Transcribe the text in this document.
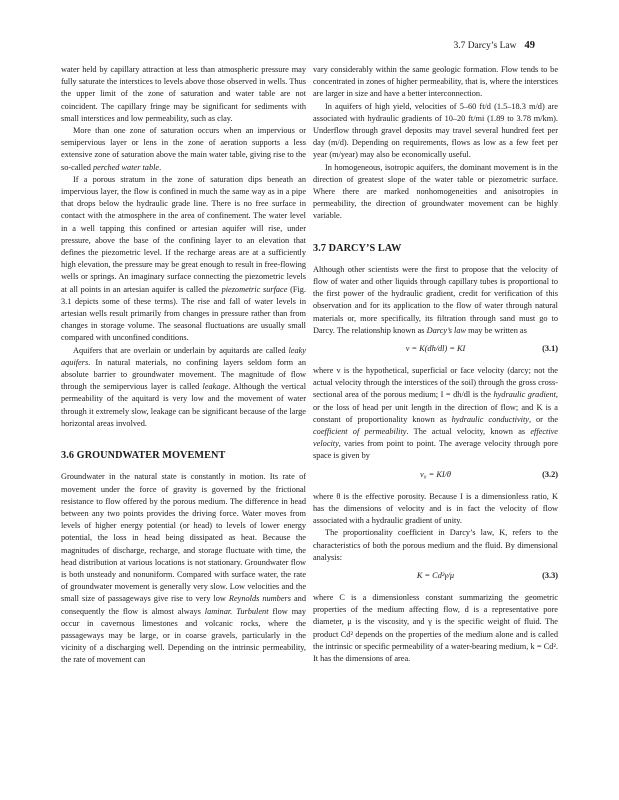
3.7 Darcy’s Law 49

water held by capillary attraction at less than atmospheric pressure may fully saturate the interstices to levels above those observed in wells. Thus the upper limit of the zone of saturation and water table are not coincident. The capillary fringe may be significant for sediments with small interstices and low permeability, such as clay.

More than one zone of saturation occurs when an impervious or semipervious layer or lens in the zone of aeration supports a less extensive zone of saturation above the main water table, giving rise to the so-called perched water table.

If a porous stratum in the zone of saturation dips beneath an impervious layer, the flow is confined in much the same way as in a pipe that drops below the hydraulic grade line. There is no free surface in contact with the atmosphere in the area of confinement. The water level in a well tapping this confined or artesian aquifer will rise, under pressure, above the base of the confining layer to an elevation that defines the piezometric level. If the recharge areas are at a sufficiently high elevation, the pressure may be great enough to result in free-flowing wells or springs. An imaginary surface connecting the piezometric levels at all points in an artesian aquifer is called the piezometric surface (Fig. 3.1 depicts some of these terms). The rise and fall of water levels in artesian wells result primarily from changes in pressure rather than from changes in storage volume. The seasonal fluctuations are usually small compared with unconfined conditions.

Aquifers that are overlain or underlain by aquitards are called leaky aquifers. In natural materials, no confining layers seldom form an absolute barrier to groundwater movement. The magnitude of flow through the semipervious layer is called leakage. Although the vertical permeability of the aquitard is very low and the movement of water through it extremely slow, leakage can be significant because of the large horizontal areas involved.

3.6 GROUNDWATER MOVEMENT

Groundwater in the natural state is constantly in motion. Its rate of movement under the force of gravity is governed by the frictional resistance to flow offered by the porous medium. The difference in head between any two points provides the driving force. Water moves from levels of higher energy potential (or head) to levels of lower energy potential, the loss in head being dissipated as heat. Because the magnitudes of discharge, recharge, and storage fluctuate with time, the head distribution at various locations is not stationary. Groundwater flow is both unsteady and nonuniform. Compared with surface water, the rate of groundwater movement is generally very slow. Low velocities and the small size of passageways give rise to very low Reynolds numbers and consequently the flow is almost always laminar. Turbulent flow may occur in cavernous limestones and volcanic rocks, where the passageways may be large, or in coarse gravels, particularly in the vicinity of a discharging well. Depending on the intrinsic permeability, the rate of movement can

vary considerably within the same geologic formation. Flow tends to be concentrated in zones of higher permeability, that is, where the interstices are larger in size and have a better interconnection.

In aquifers of high yield, velocities of 5–60 ft/d (1.5–18.3 m/d) are associated with hydraulic gradients of 10–20 ft/mi (1.89 to 3.78 m/km). Underflow through gravel deposits may travel several hundred feet per day (m/d). Depending on requirements, flows as low as a few feet per year (m/year) may also be economically useful.

In homogeneous, isotropic aquifers, the dominant movement is in the direction of greatest slope of the water table or piezometric surface. Where there are marked nonhomogeneities and anisotropies in permeability, the direction of groundwater movement can be highly variable.

3.7 DARCY’S LAW

Although other scientists were the first to propose that the velocity of flow of water and other liquids through capillary tubes is proportional to the first power of the hydraulic gradient, credit for verification of this observation and for its application to the flow of water through natural materials or, more specifically, its filtration through sand must go to Darcy. The relationship known as Darcy’s law may be written as

v = K(dh/dl) = KI	(3.1)

where v is the hypothetical, superficial or face velocity (darcy; not the actual velocity through the interstices of the soil) through the gross cross-sectional area of the porous medium; I = dh/dl is the hydraulic gradient, or the loss of head per unit length in the direction of flow; and K is a constant of proportionality known as hydraulic conductivity, or the coefficient of permeability. The actual velocity, known as effective velocity, varies from point to point. The average velocity through pore space is given by

v₀ = KI/θ	(3.2)

where θ is the effective porosity. Because I is a dimensionless ratio, K has the dimensions of velocity and is in fact the velocity of flow associated with a hydraulic gradient of unity.

The proportionality coefficient in Darcy’s law, K, refers to the characteristics of both the porous medium and the fluid. By dimensional analysis:

K = Cd²γ/μ	(3.3)

where C is a dimensionless constant summarizing the geometric properties of the medium affecting flow, d is a representative pore diameter, μ is the viscosity, and γ is the specific weight of fluid. The product Cd² depends on the properties of the medium alone and is called the intrinsic or specific permeability of a water-bearing medium, k = Cd². It has the dimensions of area.
